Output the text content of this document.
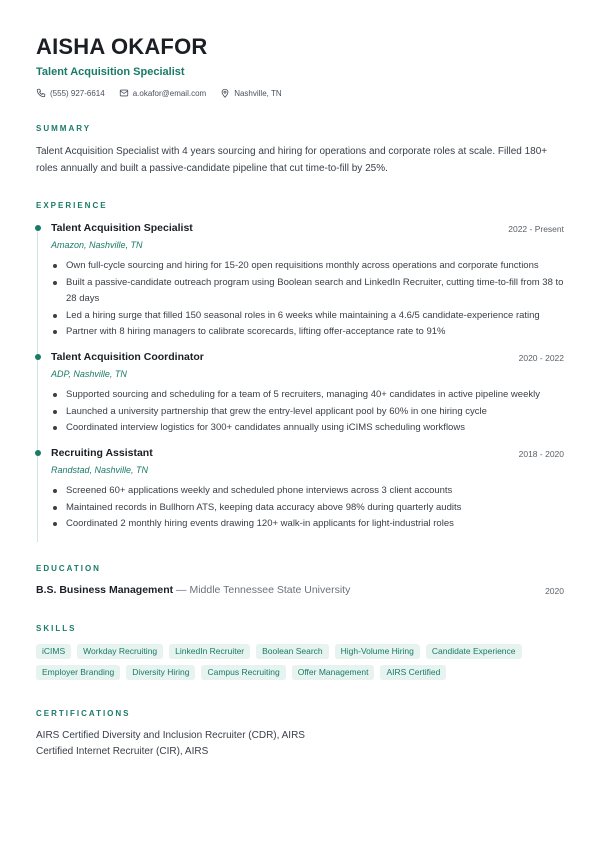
AISHA OKAFOR
Talent Acquisition Specialist
(555) 927-6614	a.okafor@email.com	Nashville, TN
SUMMARY
Talent Acquisition Specialist with 4 years sourcing and hiring for operations and corporate roles at scale. Filled 180+ roles annually and built a passive-candidate pipeline that cut time-to-fill by 25%.
EXPERIENCE
Talent Acquisition Specialist	2022 - Present
Amazon, Nashville, TN
Own full-cycle sourcing and hiring for 15-20 open requisitions monthly across operations and corporate functions
Built a passive-candidate outreach program using Boolean search and LinkedIn Recruiter, cutting time-to-fill from 38 to 28 days
Led a hiring surge that filled 150 seasonal roles in 6 weeks while maintaining a 4.6/5 candidate-experience rating
Partner with 8 hiring managers to calibrate scorecards, lifting offer-acceptance rate to 91%
Talent Acquisition Coordinator	2020 - 2022
ADP, Nashville, TN
Supported sourcing and scheduling for a team of 5 recruiters, managing 40+ candidates in active pipeline weekly
Launched a university partnership that grew the entry-level applicant pool by 60% in one hiring cycle
Coordinated interview logistics for 300+ candidates annually using iCIMS scheduling workflows
Recruiting Assistant	2018 - 2020
Randstad, Nashville, TN
Screened 60+ applications weekly and scheduled phone interviews across 3 client accounts
Maintained records in Bullhorn ATS, keeping data accuracy above 98% during quarterly audits
Coordinated 2 monthly hiring events drawing 120+ walk-in applicants for light-industrial roles
EDUCATION
B.S. Business Management — Middle Tennessee State University	2020
SKILLS
iCIMS	Workday Recruiting	LinkedIn Recruiter	Boolean Search	High-Volume Hiring	Candidate Experience
Employer Branding	Diversity Hiring	Campus Recruiting	Offer Management	AIRS Certified
CERTIFICATIONS
AIRS Certified Diversity and Inclusion Recruiter (CDR), AIRS
Certified Internet Recruiter (CIR), AIRS
